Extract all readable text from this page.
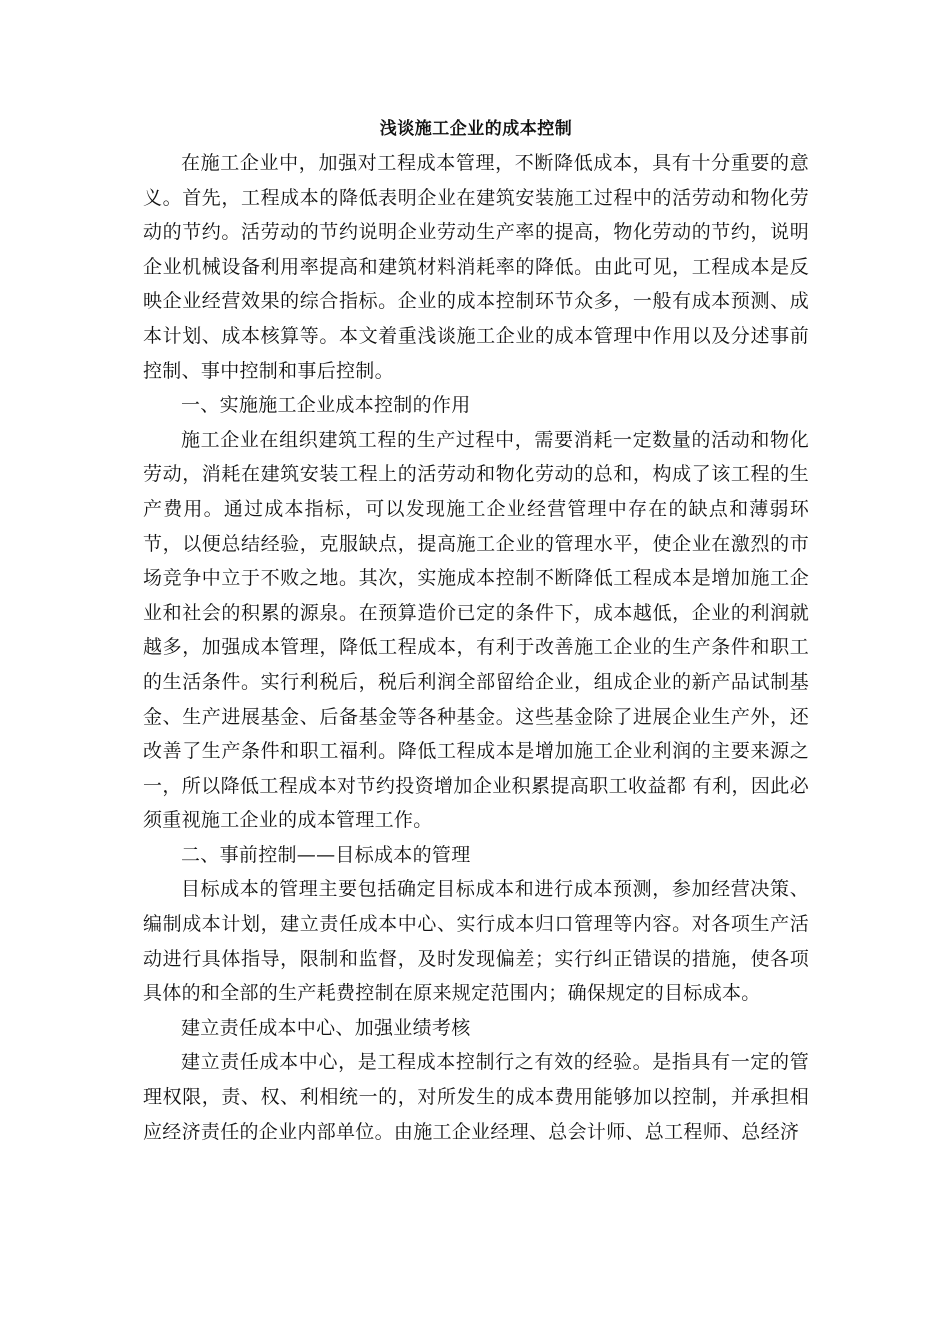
浅谈施工企业的成本控制

在施工企业中，加强对工程成本管理，不断降低成本，具有十分重要的意义。首先，工程成本的降低表明企业在建筑安装施工过程中的活劳动和物化劳动的节约。活劳动的节约说明企业劳动生产率的提高，物化劳动的节约，说明企业机械设备利用率提高和建筑材料消耗率的降低。由此可见，工程成本是反映企业经营效果的综合指标。企业的成本控制环节众多，一般有成本预测、成本计划、成本核算等。本文着重浅谈施工企业的成本管理中作用以及分述事前控制、事中控制和事后控制。

一、实施施工企业成本控制的作用

施工企业在组织建筑工程的生产过程中，需要消耗一定数量的活动和物化劳动，消耗在建筑安装工程上的活劳动和物化劳动的总和，构成了该工程的生产费用。通过成本指标，可以发现施工企业经营管理中存在的缺点和薄弱环节，以便总结经验，克服缺点，提高施工企业的管理水平，使企业在激烈的市场竞争中立于不败之地。其次，实施成本控制不断降低工程成本是增加施工企业和社会的积累的源泉。在预算造价已定的条件下，成本越低，企业的利润就越多，加强成本管理，降低工程成本，有利于改善施工企业的生产条件和职工的生活条件。实行利税后，税后利润全部留给企业，组成企业的新产品试制基金、生产进展基金、后备基金等各种基金。这些基金除了进展企业生产外，还改善了生产条件和职工福利。降低工程成本是增加施工企业利润的主要来源之一，所以降低工程成本对节约投资增加企业积累提高职工收益都 有利，因此必须重视施工企业的成本管理工作。

二、事前控制——目标成本的管理

目标成本的管理主要包括确定目标成本和进行成本预测，参加经营决策、编制成本计划，建立责任成本中心、实行成本归口管理等内容。对各项生产活动进行具体指导，限制和监督，及时发现偏差；实行纠正错误的措施，使各项具体的和全部的生产耗费控制在原来规定范围内；确保规定的目标成本。

建立责任成本中心、加强业绩考核

建立责任成本中心，是工程成本控制行之有效的经验。是指具有一定的管理权限，责、权、利相统一的，对所发生的成本费用能够加以控制，并承担相应经济责任的企业内部单位。由施工企业经理、总会计师、总工程师、总经济
